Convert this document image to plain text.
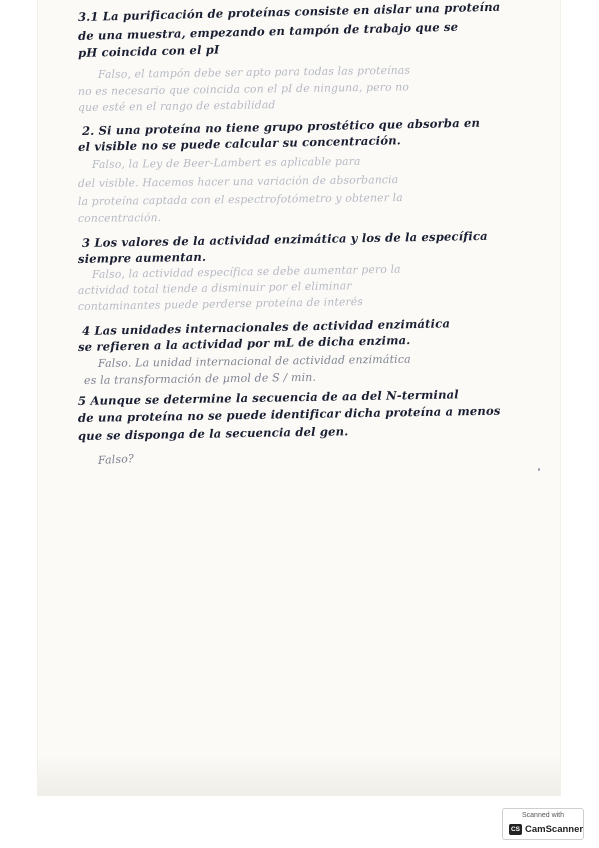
3.1 La purificación de proteínas consiste en aislar una proteína
de una muestra, empezando en tampón de trabajo que se
pH coincida con el pI
Falso, el tampón debe ser apto para todas las proteínas
no es necesario que coincida con el pI de ninguna, pero no
que esté en el rango de estabilidad
2. Si una proteína no tiene grupo prostético que absorba en
el visible no se puede calcular su concentración.
Falso, la Ley de Beer-Lambert es aplicable para
del visible. Hacemos hacer una variación de absorbancia
la proteína captada con el espectrofotómetro y obtener la
concentración.
3 Los valores de la actividad enzimática y los de la específica
siempre aumentan.
Falso, la actividad específica se debe aumentar pero la
actividad total tiende a disminuir por el eliminar
contaminantes puede perderse proteína de interés
4 Las unidades internacionales de actividad enzimática
se refieren a la actividad por mL de dicha enzima.
Falso. La unidad internacional de actividad enzimática
es la transformación de µmol de S / min.
5 Aunque se determine la secuencia de aa del N-terminal
de una proteína no se puede identificar dicha proteína a menos
que se disponga de la secuencia del gen.
Falso?
Scanned with
CS CamScanner
